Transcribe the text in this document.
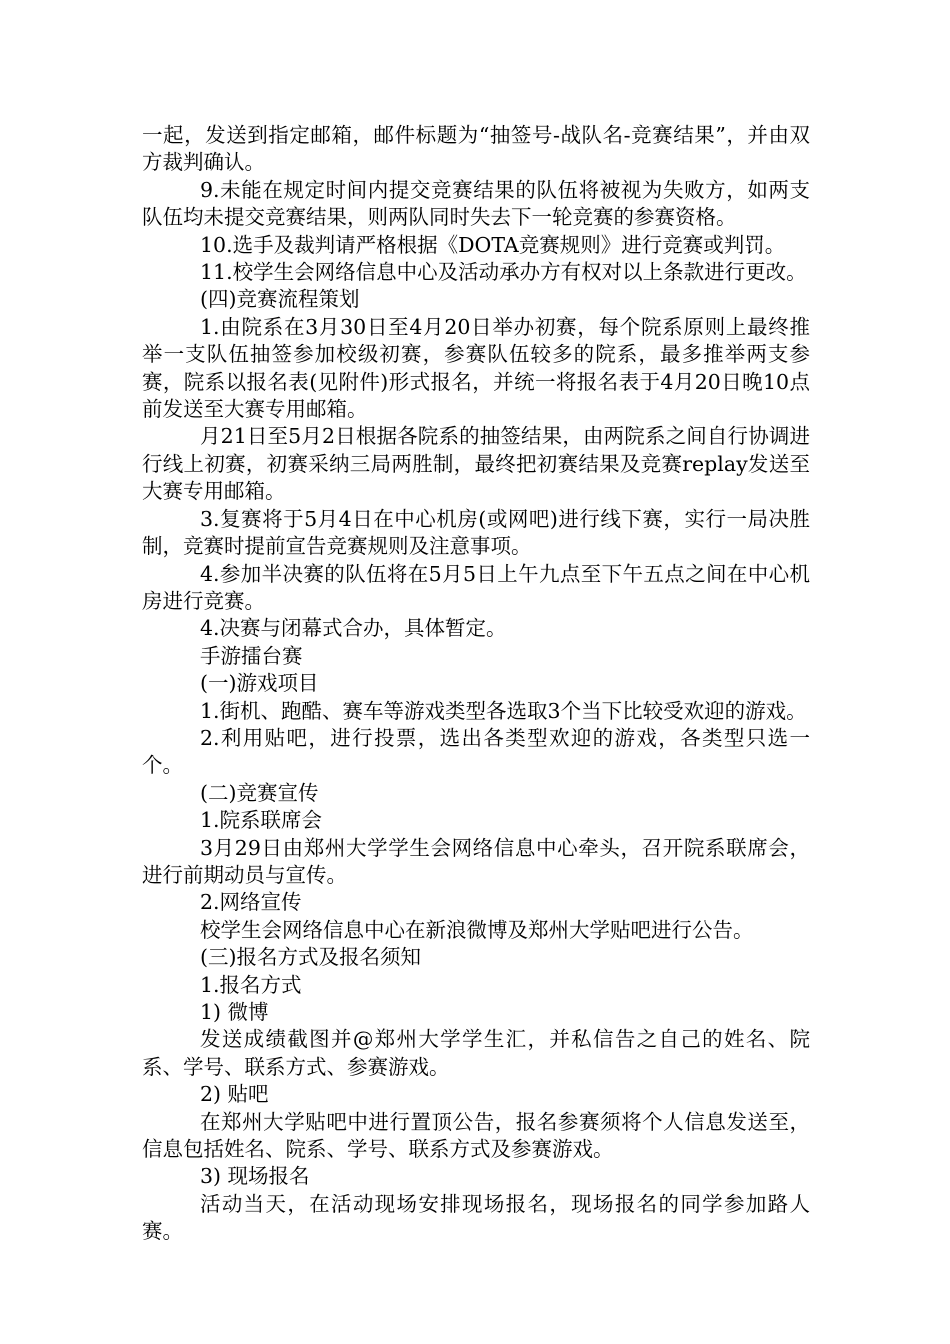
一起，发送到指定邮箱，邮件标题为“抽签号-战队名-竞赛结果”，并由双方裁判确认。

9.未能在规定时间内提交竞赛结果的队伍将被视为失败方，如两支队伍均未提交竞赛结果，则两队同时失去下一轮竞赛的参赛资格。

10.选手及裁判请严格根据《DOTA竞赛规则》进行竞赛或判罚。

11.校学生会网络信息中心及活动承办方有权对以上条款进行更改。

(四)竞赛流程策划

1.由院系在3月30日至4月20日举办初赛，每个院系原则上最终推举一支队伍抽签参加校级初赛，参赛队伍较多的院系，最多推举两支参赛，院系以报名表(见附件)形式报名，并统一将报名表于4月20日晚10点前发送至大赛专用邮箱。

月21日至5月2日根据各院系的抽签结果，由两院系之间自行协调进行线上初赛，初赛采纳三局两胜制，最终把初赛结果及竞赛replay发送至大赛专用邮箱。

3.复赛将于5月4日在中心机房(或网吧)进行线下赛，实行一局决胜制，竞赛时提前宣告竞赛规则及注意事项。

4.参加半决赛的队伍将在5月5日上午九点至下午五点之间在中心机房进行竞赛。

4.决赛与闭幕式合办，具体暂定。

手游擂台赛

(一)游戏项目

1.街机、跑酷、赛车等游戏类型各选取3个当下比较受欢迎的游戏。

2.利用贴吧，进行投票，选出各类型欢迎的游戏，各类型只选一个。

(二)竞赛宣传

1.院系联席会

3月29日由郑州大学学生会网络信息中心牵头，召开院系联席会，进行前期动员与宣传。

2.网络宣传

校学生会网络信息中心在新浪微博及郑州大学贴吧进行公告。

(三)报名方式及报名须知

1.报名方式

1) 微博

发送成绩截图并@郑州大学学生汇，并私信告之自己的姓名、院系、学号、联系方式、参赛游戏。

2) 贴吧

在郑州大学贴吧中进行置顶公告，报名参赛须将个人信息发送至，信息包括姓名、院系、学号、联系方式及参赛游戏。

3) 现场报名

活动当天，在活动现场安排现场报名，现场报名的同学参加路人赛。
